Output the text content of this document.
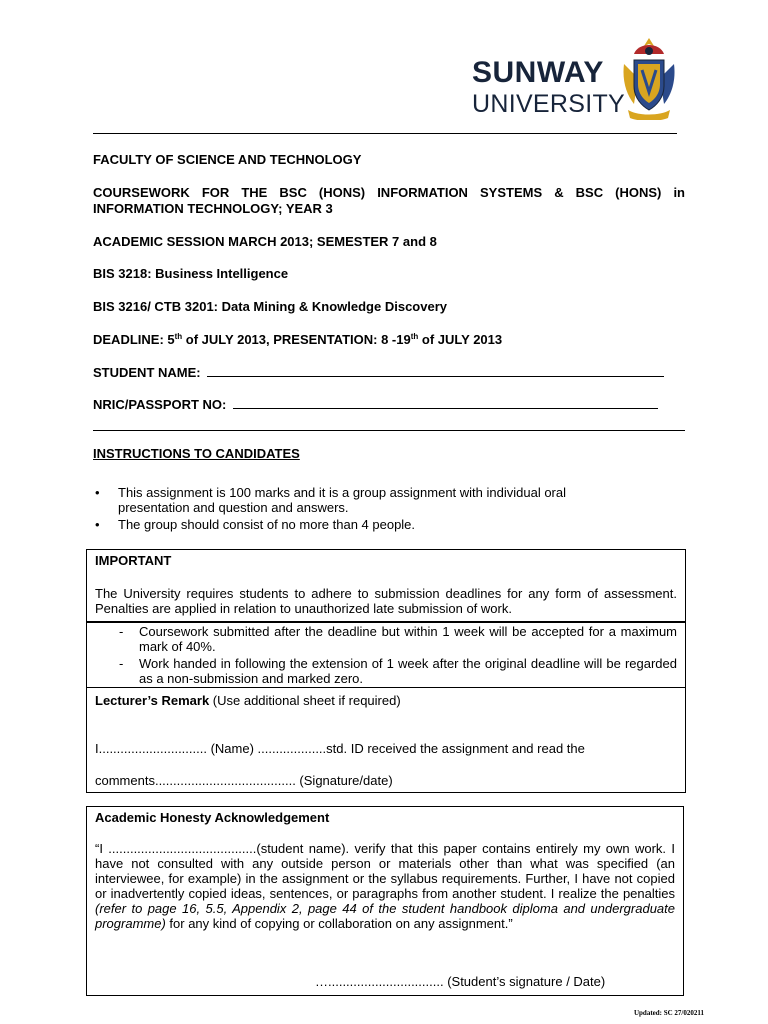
SUNWAY
UNIVERSITY
FACULTY OF SCIENCE AND TECHNOLOGY
COURSEWORK FOR THE BSC (HONS) INFORMATION SYSTEMS & BSC (HONS) in INFORMATION TECHNOLOGY; YEAR 3
ACADEMIC SESSION MARCH 2013; SEMESTER 7 and 8
BIS 3218: Business Intelligence
BIS 3216/ CTB 3201: Data Mining & Knowledge Discovery
DEADLINE: 5th of JULY 2013, PRESENTATION: 8 -19th of JULY 2013
STUDENT NAME:
NRIC/PASSPORT NO:
INSTRUCTIONS TO CANDIDATES
• This assignment is 100 marks and it is a group assignment with individual oral presentation and question and answers.
• The group should consist of no more than 4 people.
IMPORTANT
The University requires students to adhere to submission deadlines for any form of assessment. Penalties are applied in relation to unauthorized late submission of work.
- Coursework submitted after the deadline but within 1 week will be accepted for a maximum mark of 40%.
- Work handed in following the extension of 1 week after the original deadline will be regarded as a non-submission and marked zero.
Lecturer’s Remark (Use additional sheet if required)
I.............................. (Name) ...................std. ID received the assignment and read the
comments....................................... (Signature/date)
Academic Honesty Acknowledgement
“I .........................................(student name). verify that this paper contains entirely my own work. I have not consulted with any outside person or materials other than what was specified (an interviewee, for example) in the assignment or the syllabus requirements. Further, I have not copied or inadvertently copied ideas, sentences, or paragraphs from another student. I realize the penalties (refer to page 16, 5.5, Appendix 2, page 44 of the student handbook diploma and undergraduate programme) for any kind of copying or collaboration on any assignment.”
…................................ (Student’s signature / Date)
Updated: SC 27/020211
